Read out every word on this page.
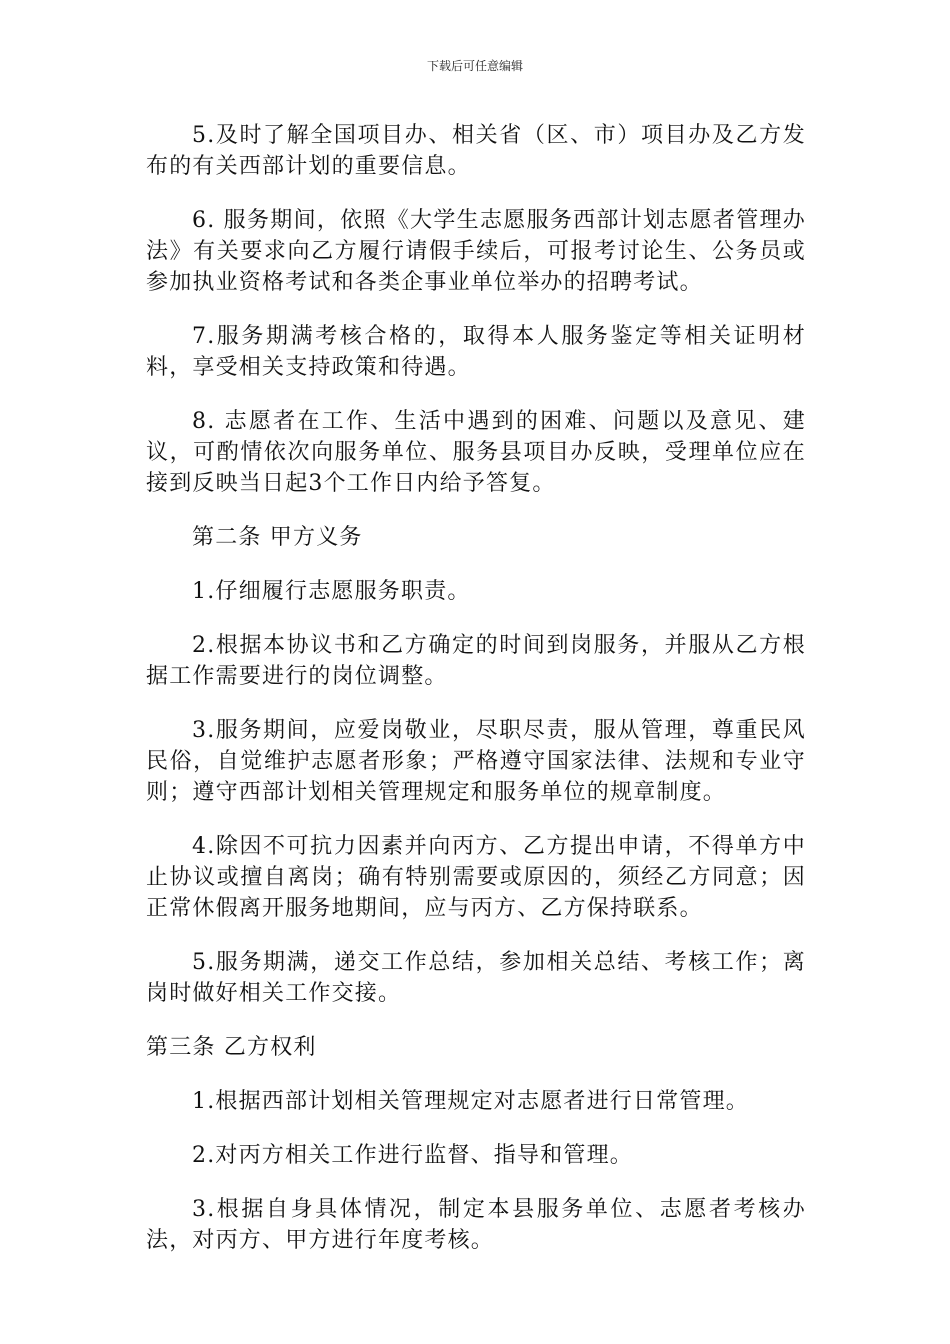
下载后可任意编辑

5.及时了解全国项目办、相关省（区、市）项目办及乙方发布的有关西部计划的重要信息。

6. 服务期间，依照《大学生志愿服务西部计划志愿者管理办法》有关要求向乙方履行请假手续后，可报考讨论生、公务员或参加执业资格考试和各类企事业单位举办的招聘考试。

7.服务期满考核合格的，取得本人服务鉴定等相关证明材料，享受相关支持政策和待遇。

8. 志愿者在工作、生活中遇到的困难、问题以及意见、建议，可酌情依次向服务单位、服务县项目办反映，受理单位应在接到反映当日起3个工作日内给予答复。

第二条 甲方义务

1.仔细履行志愿服务职责。

2.根据本协议书和乙方确定的时间到岗服务，并服从乙方根据工作需要进行的岗位调整。

3.服务期间，应爱岗敬业，尽职尽责，服从管理，尊重民风民俗，自觉维护志愿者形象；严格遵守国家法律、法规和专业守则；遵守西部计划相关管理规定和服务单位的规章制度。

4.除因不可抗力因素并向丙方、乙方提出申请，不得单方中止协议或擅自离岗；确有特别需要或原因的，须经乙方同意；因正常休假离开服务地期间，应与丙方、乙方保持联系。

5.服务期满，递交工作总结，参加相关总结、考核工作；离岗时做好相关工作交接。

第三条 乙方权利

1.根据西部计划相关管理规定对志愿者进行日常管理。

2.对丙方相关工作进行监督、指导和管理。

3.根据自身具体情况，制定本县服务单位、志愿者考核办法，对丙方、甲方进行年度考核。
